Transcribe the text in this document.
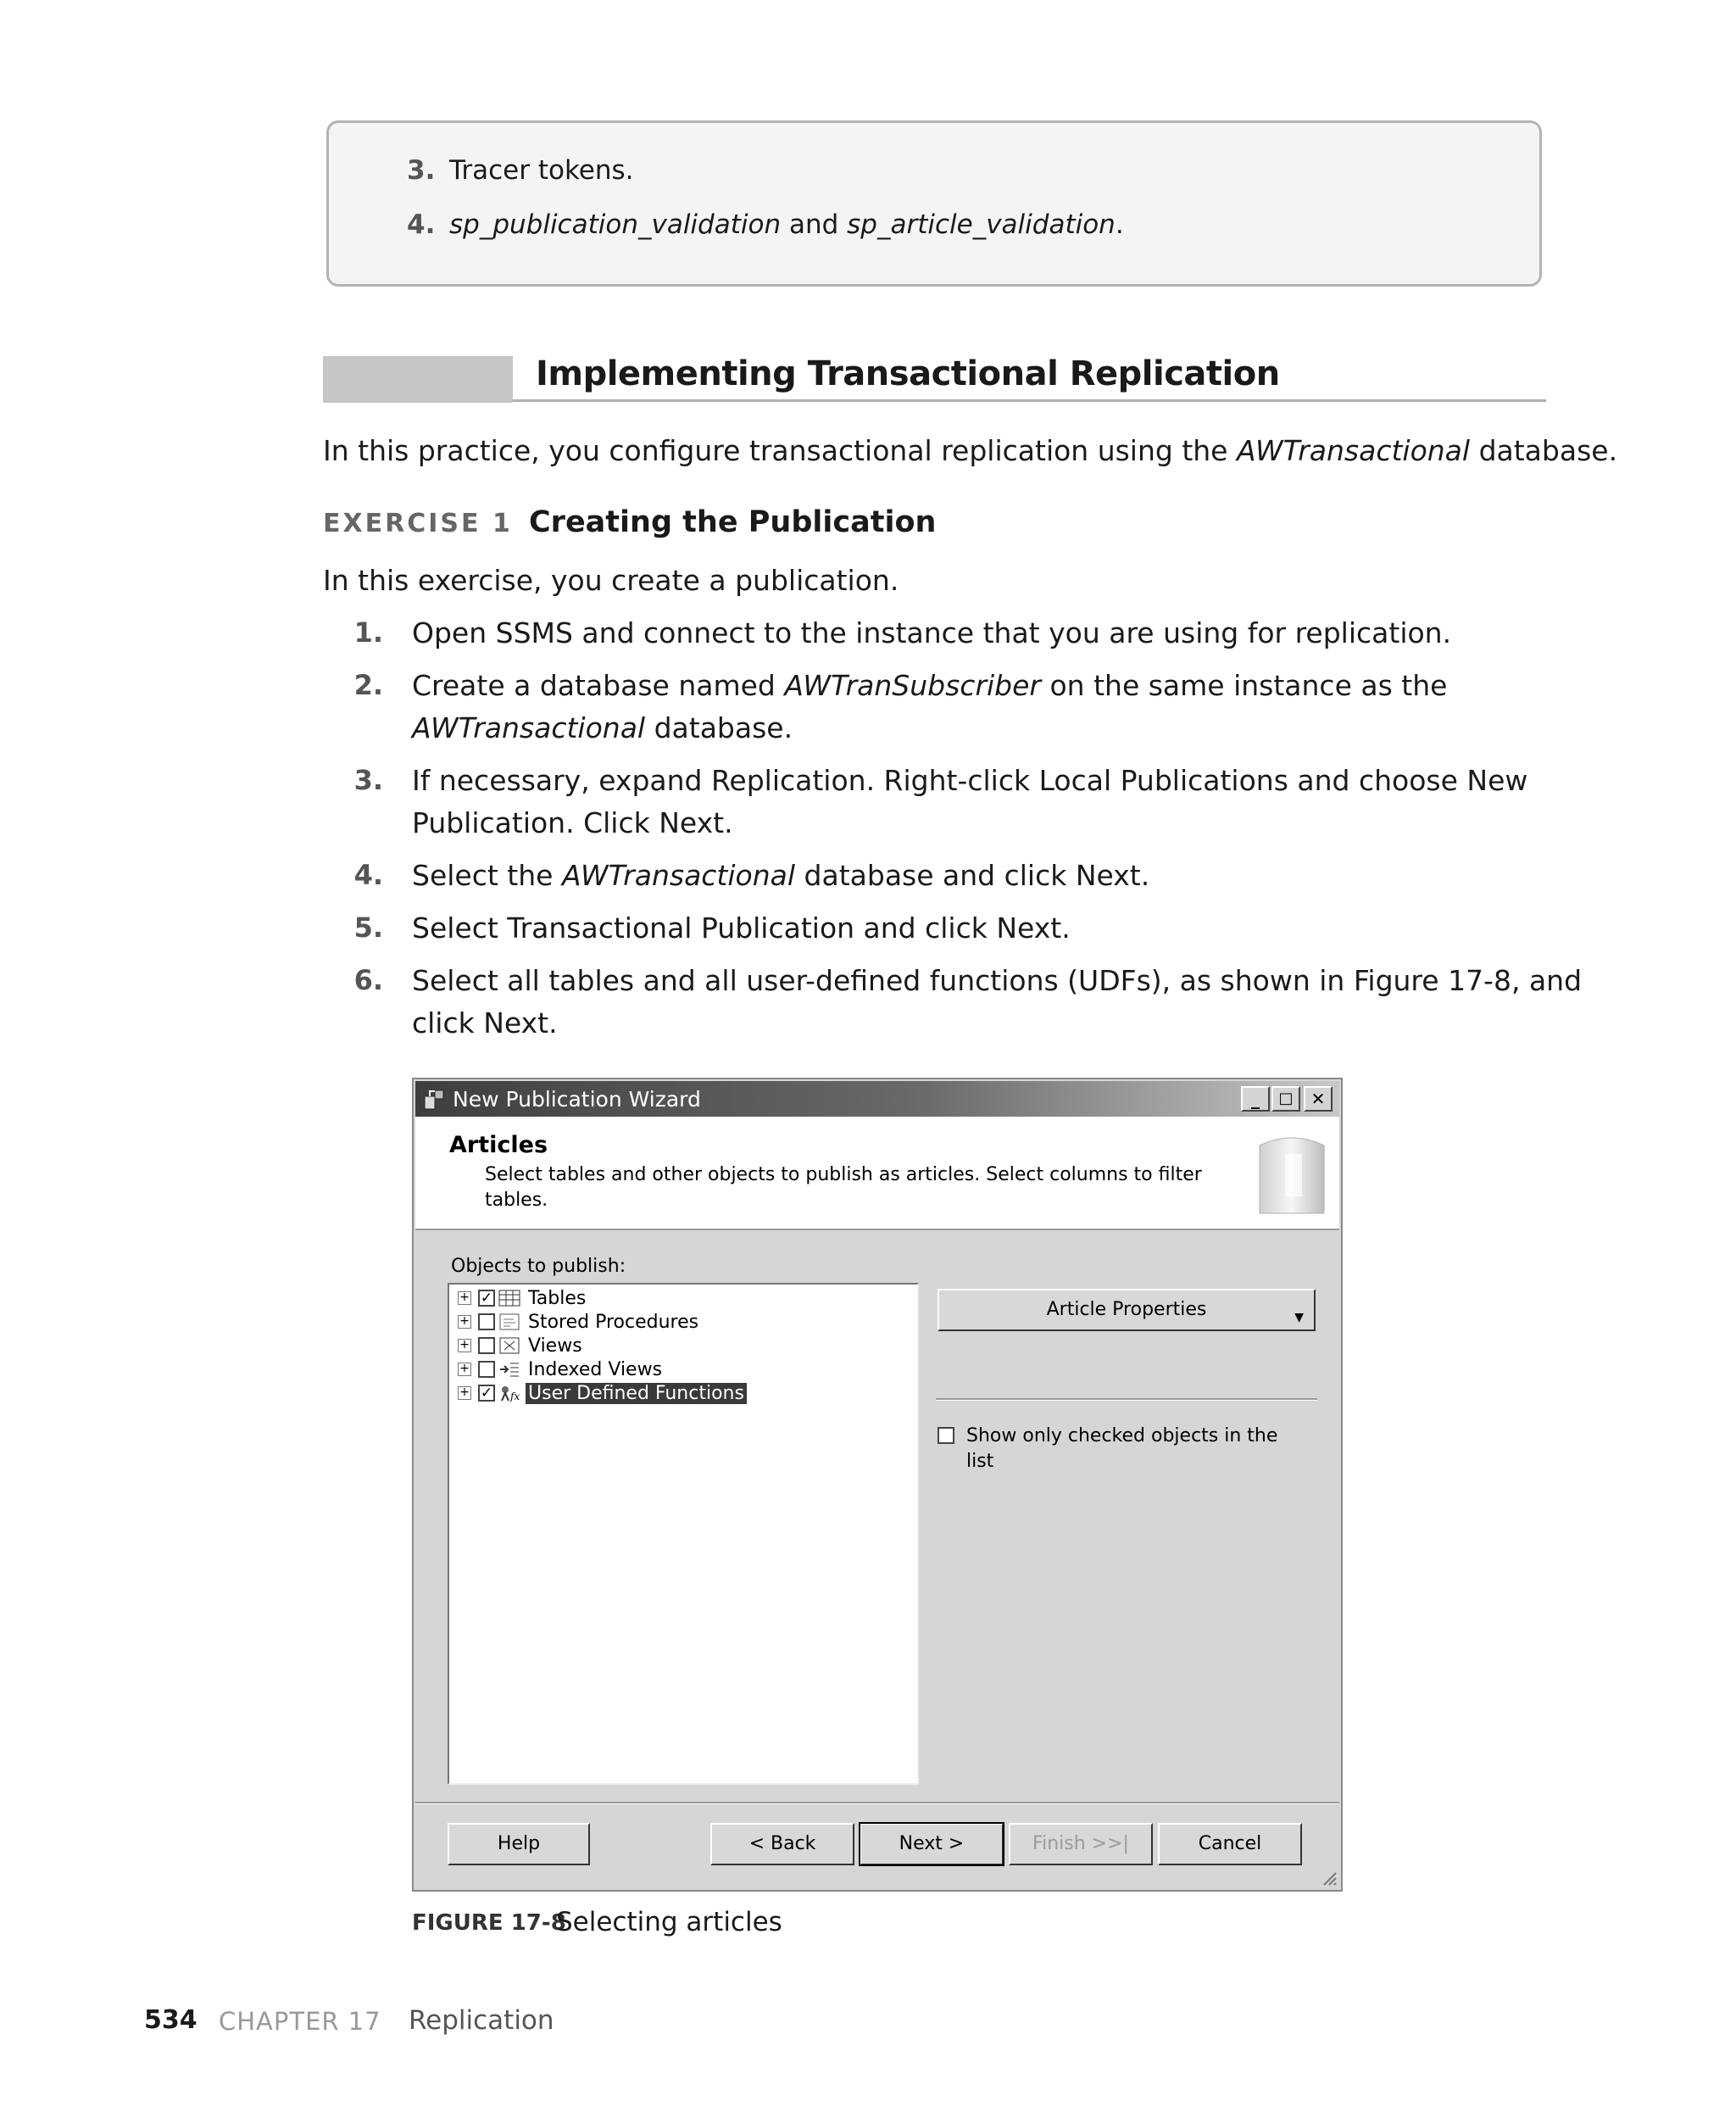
3. Tracer tokens.
4. sp_publication_validation and sp_article_validation.
Implementing Transactional Replication
In this practice, you configure transactional replication using the AWTransactional database.
EXERCISE 1 Creating the Publication
In this exercise, you create a publication.
1. Open SSMS and connect to the instance that you are using for replication.
2. Create a database named AWTranSubscriber on the same instance as the
AWTransactional database.
3. If necessary, expand Replication. Right-click Local Publications and choose New
Publication. Click Next.
4. Select the AWTransactional database and click Next.
5. Select Transactional Publication and click Next.
6. Select all tables and all user-defined functions (UDFs), as shown in Figure 17-8, and
click Next.
New Publication Wizard	_	□	✕
Articles
Select tables and other objects to publish as articles. Select columns to filter tables.
Objects to publish:
+ ✓ Tables
+	Stored Procedures
+	Views
+	Indexed Views
+ ✓ fx User Defined Functions
Article Properties	▼
Show only checked objects in the list
Help	< Back	Next >	Finish >>|	Cancel
FIGURE 17-8
Selecting articles
534 CHAPTER 17 Replication
